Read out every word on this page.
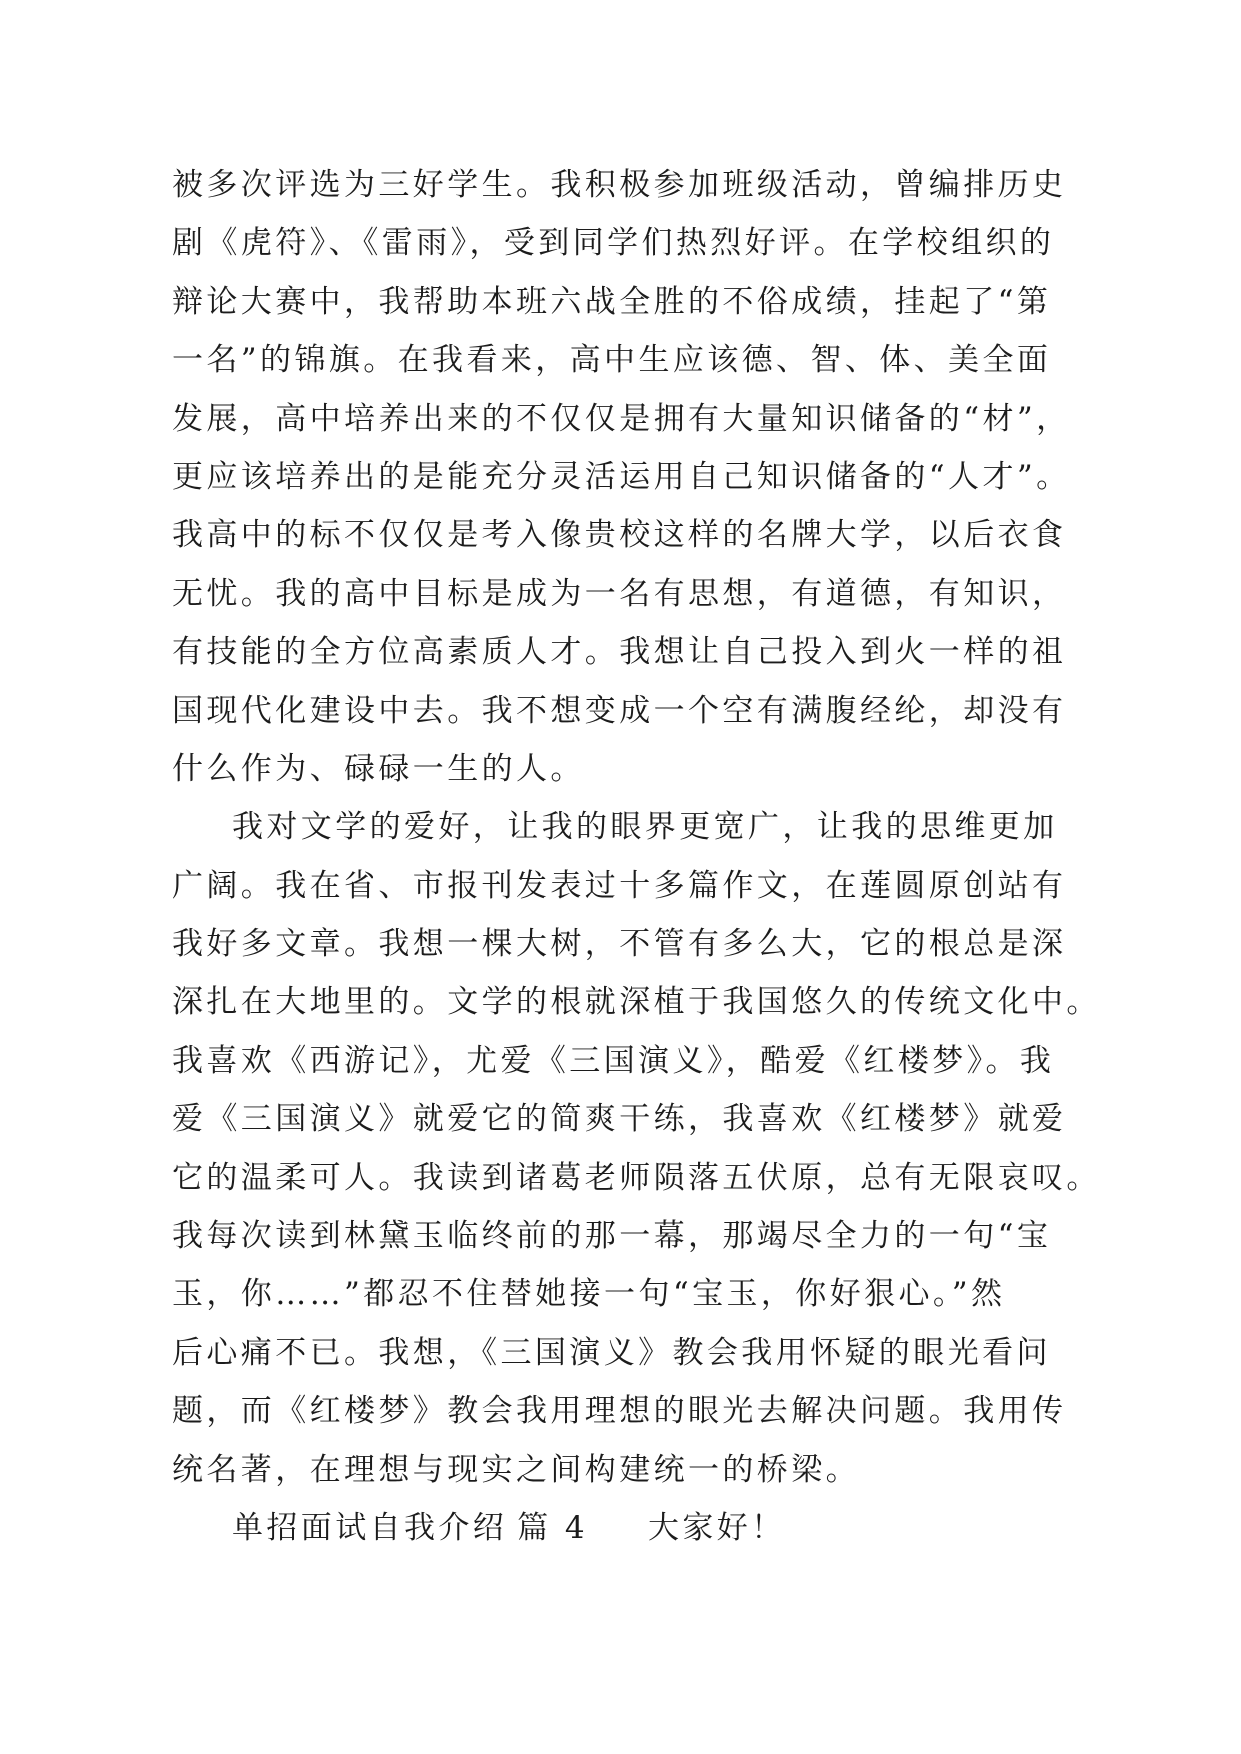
被多次评选为三好学生。我积极参加班级活动，曾编排历史
剧《虎符》、《雷雨》，受到同学们热烈好评。在学校组织的
辩论大赛中，我帮助本班六战全胜的不俗成绩，挂起了“第
一名”的锦旗。在我看来，高中生应该德、智、体、美全面
发展，高中培养出来的不仅仅是拥有大量知识储备的“材”，
更应该培养出的是能充分灵活运用自己知识储备的“人才”。
我高中的标不仅仅是考入像贵校这样的名牌大学，以后衣食
无忧。我的高中目标是成为一名有思想，有道德，有知识，
有技能的全方位高素质人才。我想让自己投入到火一样的祖
国现代化建设中去。我不想变成一个空有满腹经纶，却没有
什么作为、碌碌一生的人。
我对文学的爱好，让我的眼界更宽广，让我的思维更加
广阔。我在省、市报刊发表过十多篇作文，在莲圆原创站有
我好多文章。我想一棵大树，不管有多么大，它的根总是深
深扎在大地里的。文学的根就深植于我国悠久的传统文化中。
我喜欢《西游记》，尤爱《三国演义》，酷爱《红楼梦》。我
爱《三国演义》就爱它的简爽干练，我喜欢《红楼梦》就爱
它的温柔可人。我读到诸葛老师陨落五伏原，总有无限哀叹。
我每次读到林黛玉临终前的那一幕，那竭尽全力的一句“宝
玉，你……”都忍不住替她接一句“宝玉，你好狠心。”然
后心痛不已。我想，《三国演义》教会我用怀疑的眼光看问
题，而《红楼梦》教会我用理想的眼光去解决问题。我用传
统名著，在理想与现实之间构建统一的桥梁。
单招面试自我介绍 篇 4 大家好！
